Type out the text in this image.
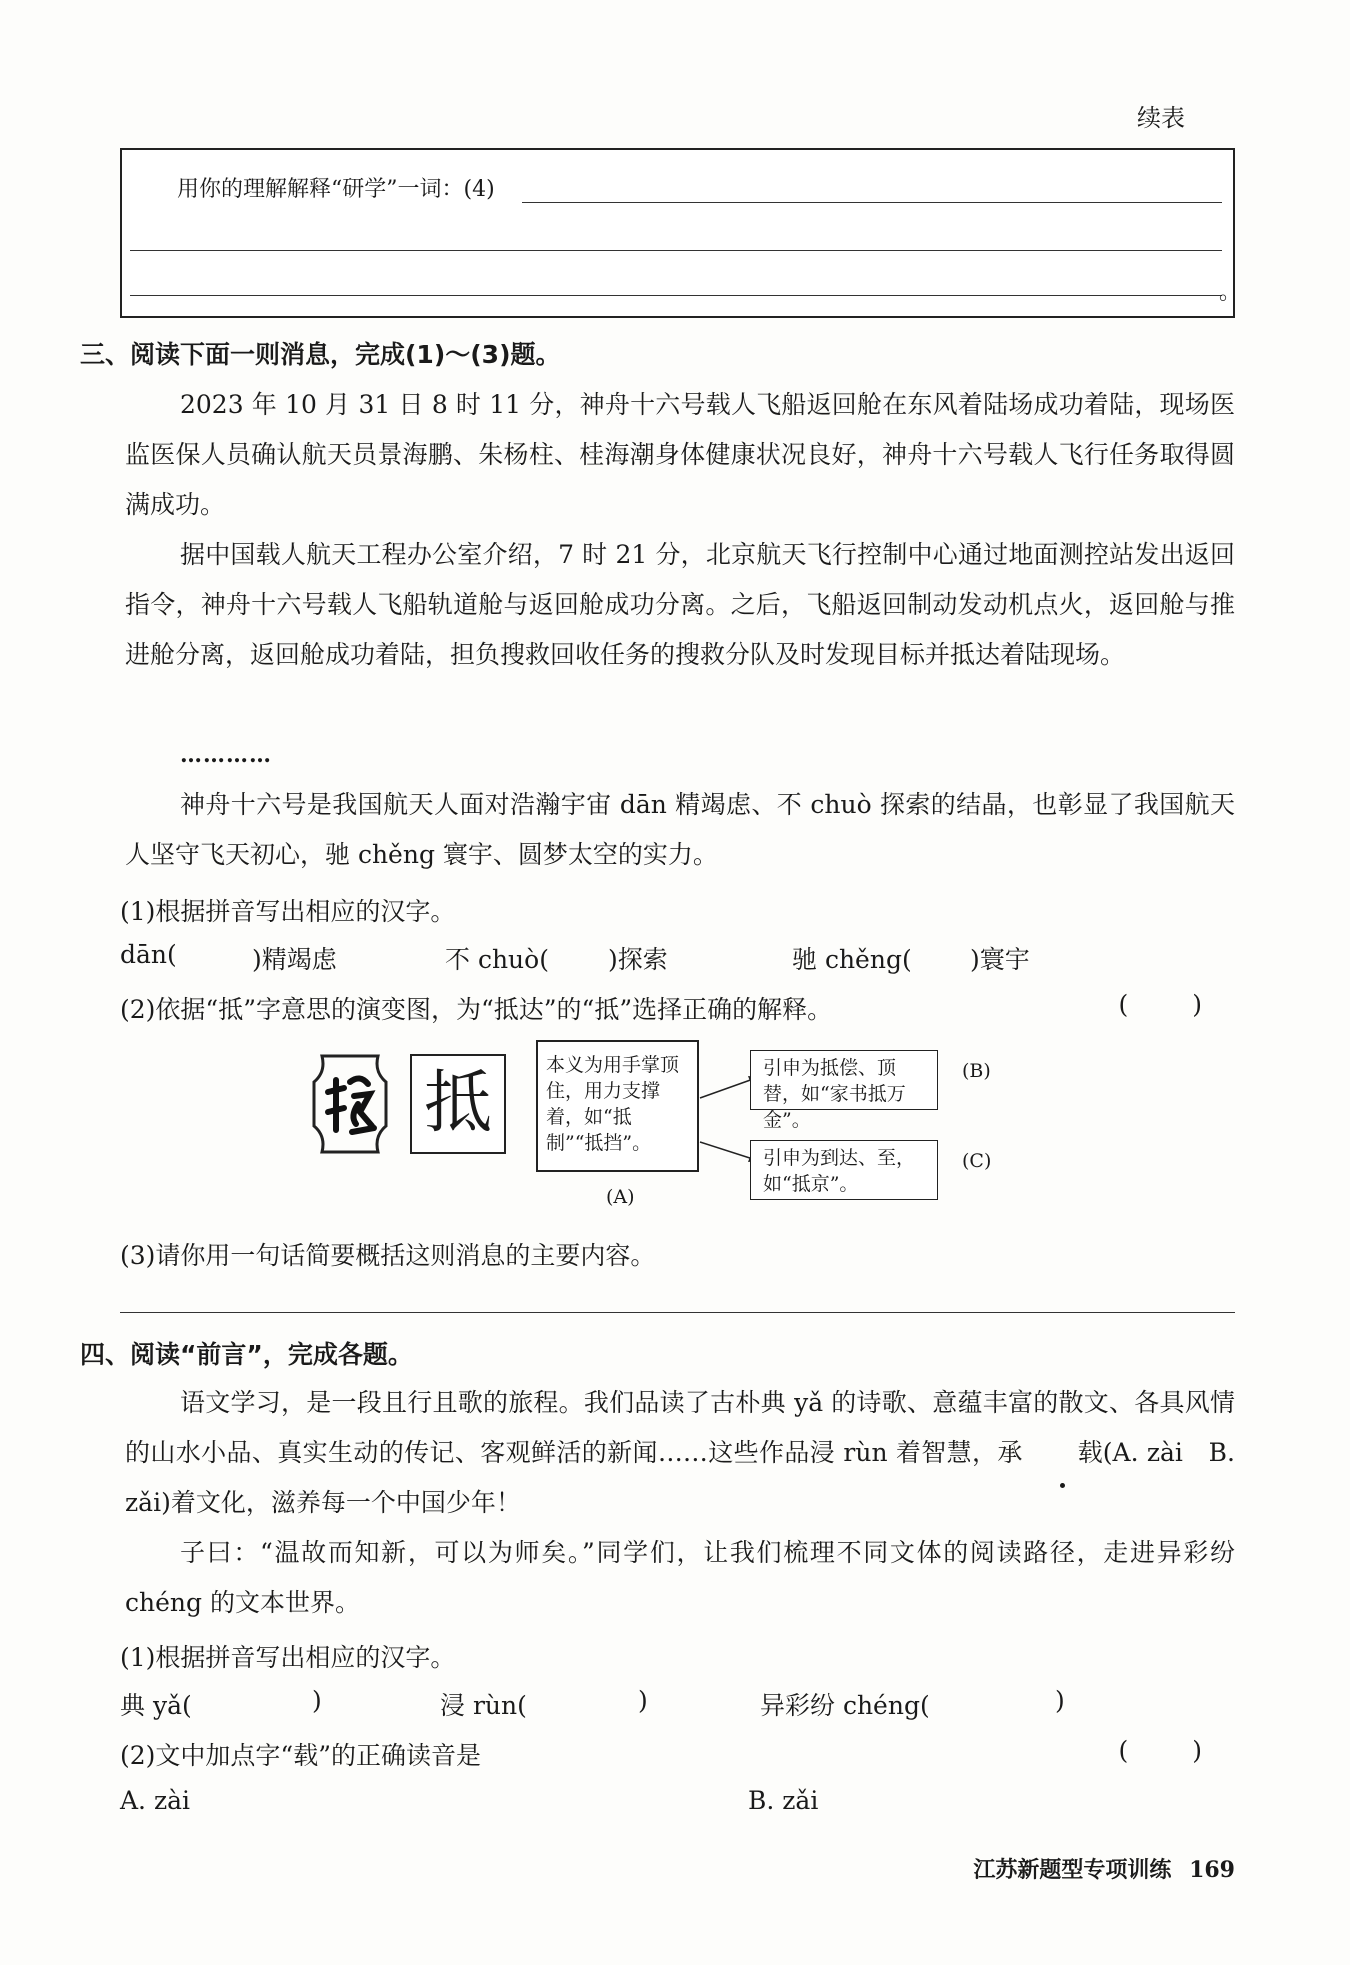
续表
用你的理解解释“研学”一词：(4)
。
三、阅读下面一则消息，完成(1)～(3)题。

2023 年 10 月 31 日 8 时 11 分，神舟十六号载人飞船返回舱在东风着陆场成功着陆，现场医监医保人员确认航天员景海鹏、朱杨柱、桂海潮身体健康状况良好，神舟十六号载人飞行任务取得圆满成功。

据中国载人航天工程办公室介绍，7 时 21 分，北京航天飞行控制中心通过地面测控站发出返回指令，神舟十六号载人飞船轨道舱与返回舱成功分离。之后，飞船返回制动发动机点火，返回舱与推进舱分离，返回舱成功着陆，担负搜救回收任务的搜救分队及时发现目标并抵达着陆现场。

…………

神舟十六号是我国航天人面对浩瀚宇宙 dān 精竭虑、不 chuò 探索的结晶，也彰显了我国航天人坚守飞天初心，驰 chěng 寰宇、圆梦太空的实力。

(1)根据拼音写出相应的汉字。
dān(	)精竭虑	不 chuò( )探索	驰 chěng( )寰宇
(2)依据“抵”字意思的演变图，为“抵达”的“抵”选择正确的解释。	( )
抵	本义为用手掌顶住，用力支撑着，如“抵制”“抵挡”。
(A)
引申为抵偿、顶替，如“家书抵万金”。
(B)
引申为到达、至，如“抵京”。
(C)
(3)请你用一句话简要概括这则消息的主要内容。
四、阅读“前言”，完成各题。

语文学习，是一段且行且歌的旅程。我们品读了古朴典 yǎ 的诗歌、意蕴丰富的散文、各具风情的山水小品、真实生动的传记、客观鲜活的新闻……这些作品浸 rùn 着智慧，承 载(A. zài　B. zǎi)着文化，滋养每一个中国少年！

子曰：“温故而知新，可以为师矣。”同学们，让我们梳理不同文体的阅读路径，走进异彩纷 chéng 的文本世界。

(1)根据拼音写出相应的汉字。
典 yǎ(	)	浸 rùn(	)	异彩纷 chéng(	)
(2)文中加点字“载”的正确读音是	( )
A. zài	B. zǎi
江苏新题型专项训练 169
